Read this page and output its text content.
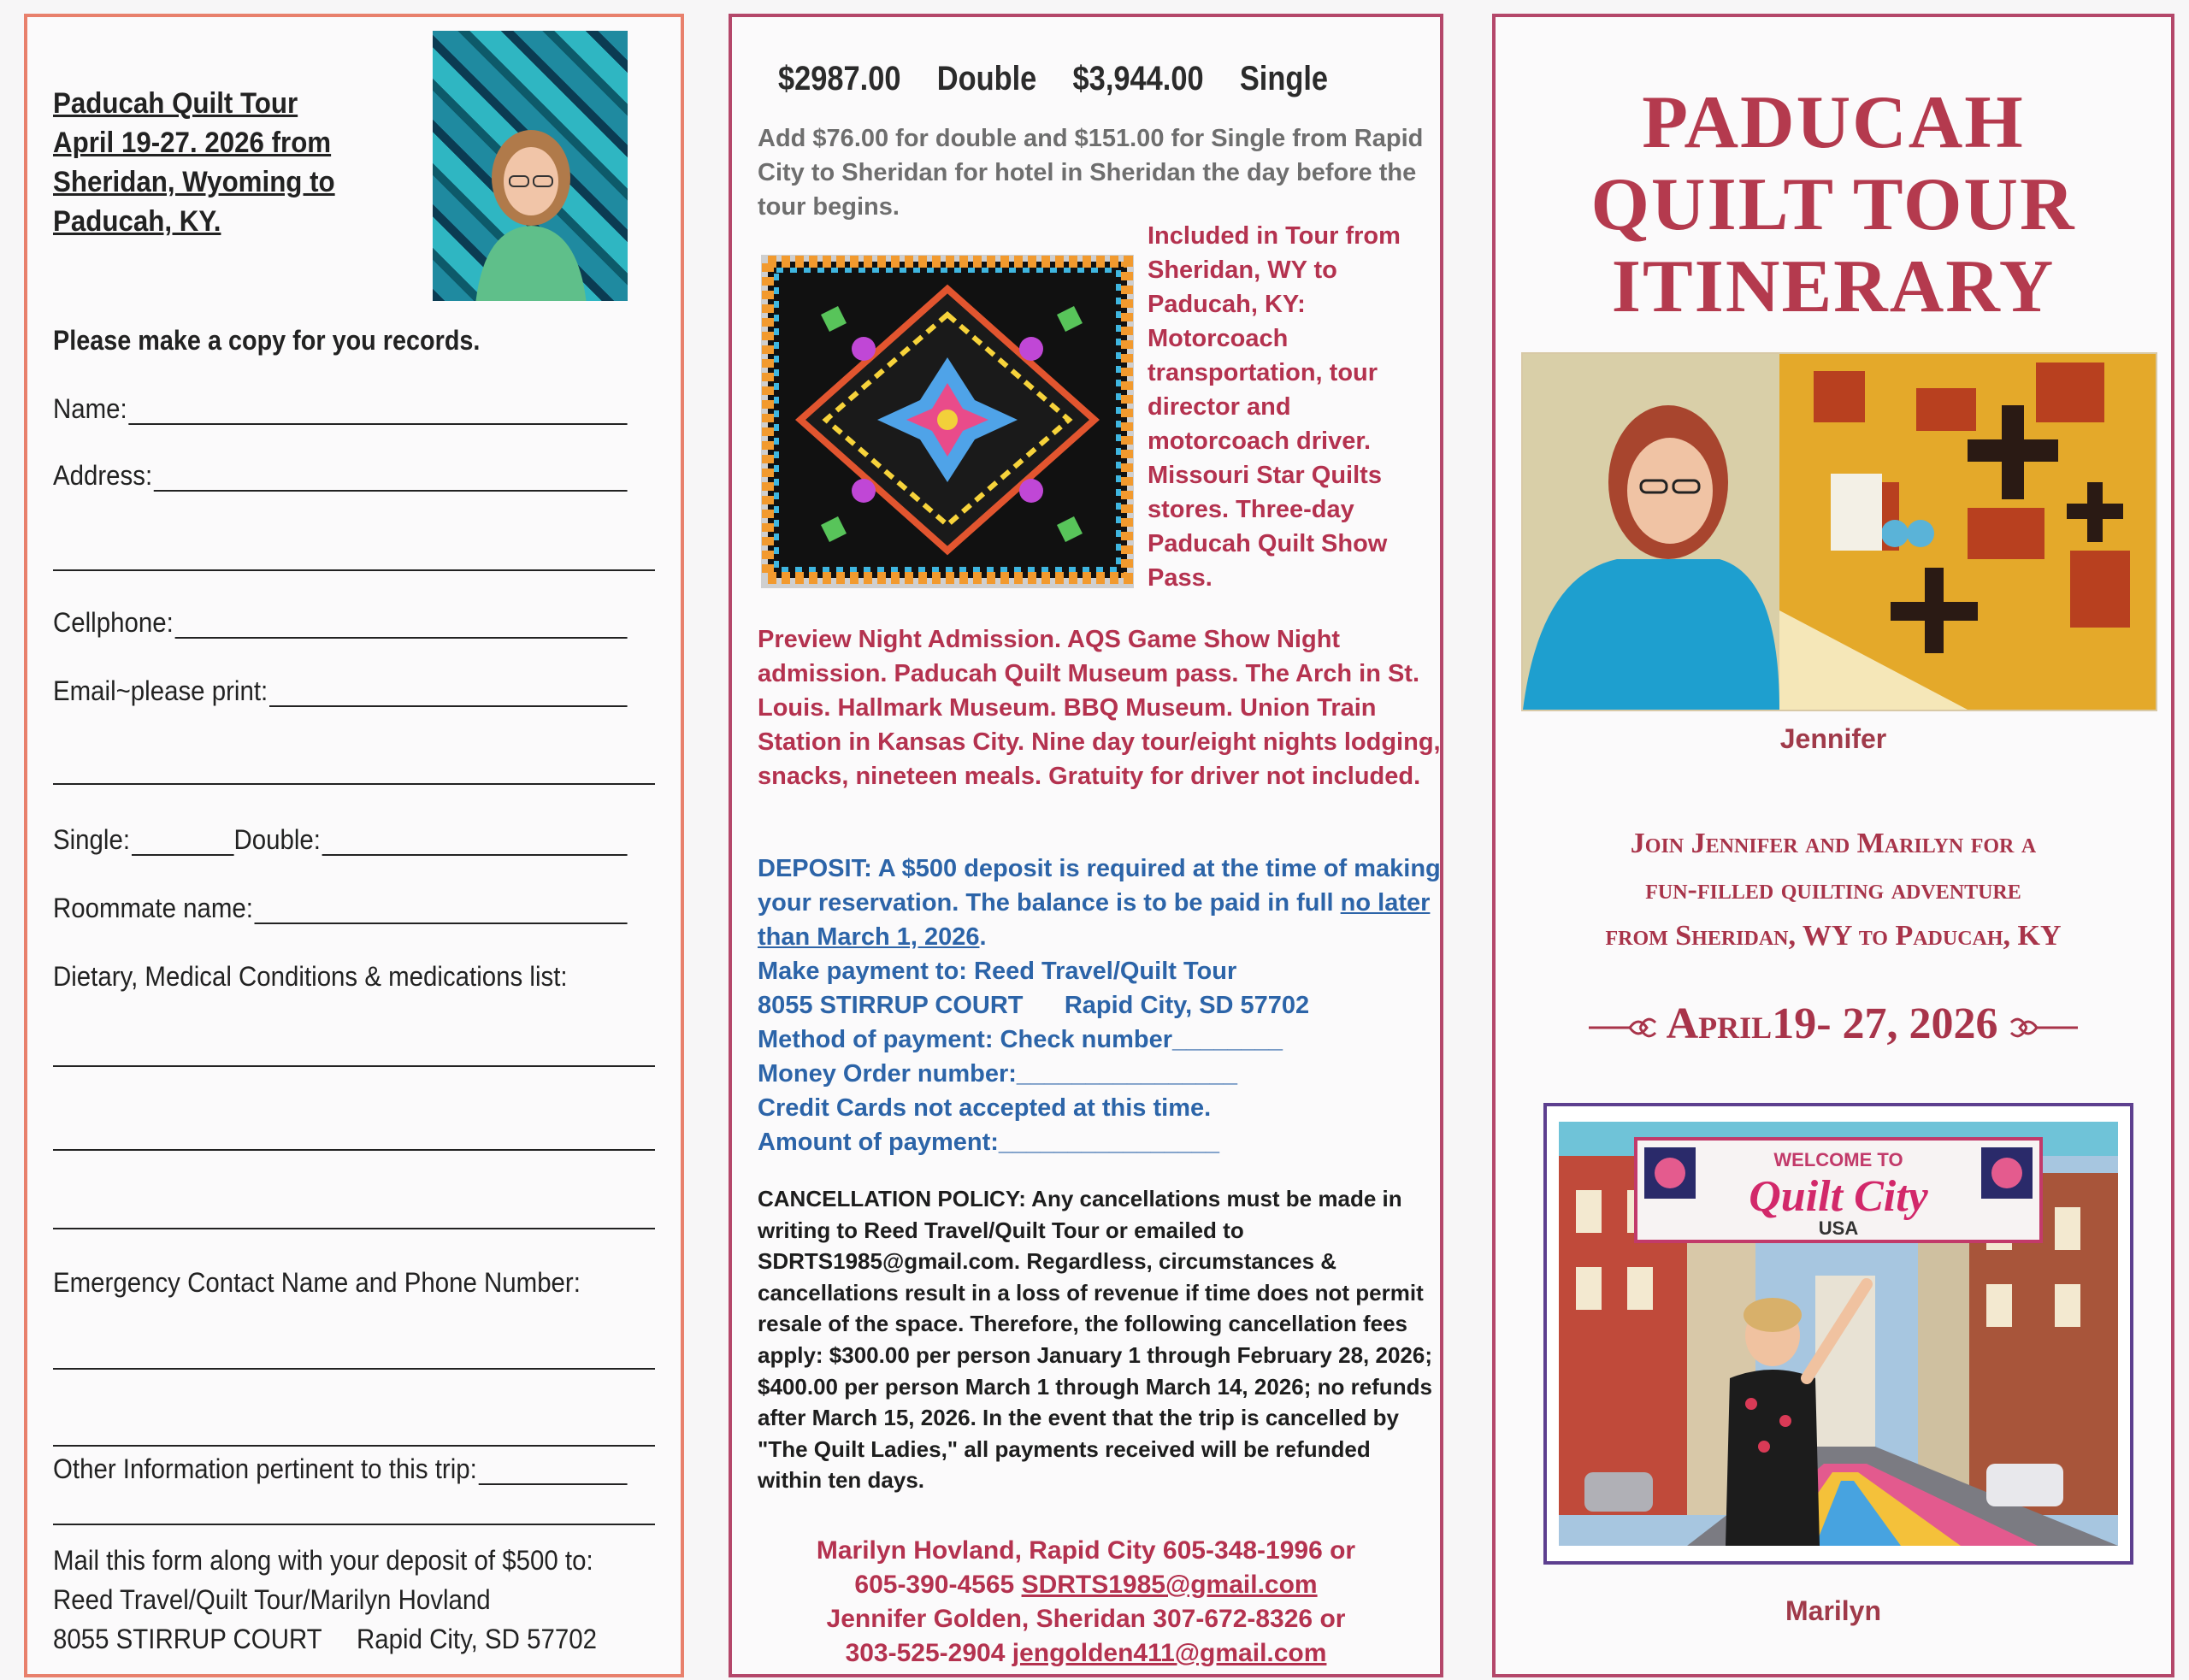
Paducah Quilt Tour
April 19-27. 2026 from
Sheridan, Wyoming to
Paducah, KY.
Please make a copy for you records.
Name:
Address:
Cellphone:
Email~please print:
Single:	Double:
Roommate name:
Dietary, Medical Conditions & medications list:
Emergency Contact Name and Phone Number:
Other Information pertinent to this trip:
Mail this form along with your deposit of $500 to:
Reed Travel/Quilt Tour/Marilyn Hovland
8055 STIRRUP COURT     Rapid City, SD 57702
$2987.00 Double $3,944.00 Single
Add $76.00 for double and $151.00 for Single from Rapid City to Sheridan for hotel in Sheridan the day before the tour begins.
Included in Tour from Sheridan, WY to Paducah, KY: Motorcoach transportation, tour director and motorcoach driver. Missouri Star Quilts stores. Three-day Paducah Quilt Show Pass.
Preview Night Admission. AQS Game Show Night admission. Paducah Quilt Museum pass. The Arch in St. Louis. Hallmark Museum. BBQ Museum. Union Train Station in Kansas City. Nine day tour/eight nights lodging, snacks, nineteen meals. Gratuity for driver not included.
DEPOSIT: A $500 deposit is required at the time of making your reservation. The balance is to be paid in full no later than March 1, 2026.
Make payment to: Reed Travel/Quilt Tour
8055 STIRRUP COURT      Rapid City, SD 57702
Method of payment: Check number________
Money Order number:________________
Credit Cards not accepted at this time.
Amount of payment:________________
CANCELLATION POLICY: Any cancellations must be made in writing to Reed Travel/Quilt Tour or emailed to SDRTS1985@gmail.com. Regardless, circumstances & cancellations result in a loss of revenue if time does not permit resale of the space. Therefore, the following cancellation fees apply: $300.00 per person January 1 through February 28, 2026; $400.00 per person March 1 through March 14, 2026; no refunds after March 15, 2026. In the event that the trip is cancelled by "The Quilt Ladies," all payments received will be refunded within ten days.
Marilyn Hovland, Rapid City 605-348-1996 or
605-390-4565 SDRTS1985@gmail.com
Jennifer Golden, Sheridan 307-672-8326 or
303-525-2904 jengolden411@gmail.com
PADUCAH
QUILT TOUR
ITINERARY
Jennifer
Join Jennifer and Marilyn for a
fun-filled quilting adventure
from Sheridan, WY to Paducah, KY
April19- 27, 2026
WELCOME TO
Quilt City
USA
Marilyn
